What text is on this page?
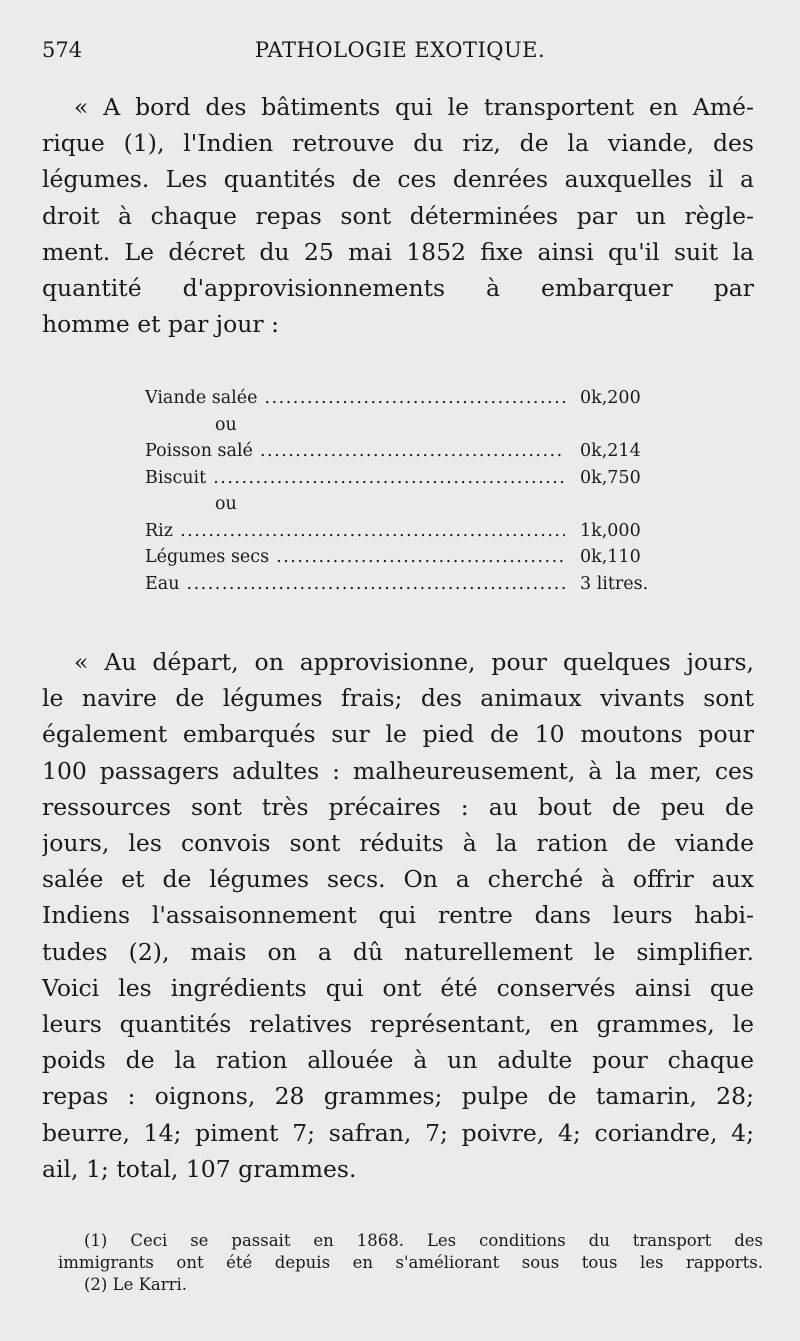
574	PATHOLOGIE EXOTIQUE.
« A bord des bâtiments qui le transportent en Amé-
rique (1), l'Indien retrouve du riz, de la viande, des
légumes. Les quantités de ces denrées auxquelles il a
droit à chaque repas sont déterminées par un règle-
ment. Le décret du 25 mai 1852 fixe ainsi qu'il suit la
quantité d'approvisionnements à embarquer par
homme et par jour :
Viande salée .....	0k,200
ou
Poisson salé .....	0k,214
Biscuit .....	0k,750
ou
Riz .....	1k,000
Légumes secs .....	0k,110
Eau .....	3 litres.
« Au départ, on approvisionne, pour quelques jours,
le navire de légumes frais; des animaux vivants sont
également embarqués sur le pied de 10 moutons pour
100 passagers adultes : malheureusement, à la mer, ces
ressources sont très précaires : au bout de peu de
jours, les convois sont réduits à la ration de viande
salée et de légumes secs. On a cherché à offrir aux
Indiens l'assaisonnement qui rentre dans leurs habi-
tudes (2), mais on a dû naturellement le simplifier.
Voici les ingrédients qui ont été conservés ainsi que
leurs quantités relatives représentant, en grammes, le
poids de la ration allouée à un adulte pour chaque
repas : oignons, 28 grammes; pulpe de tamarin, 28;
beurre, 14; piment 7; safran, 7; poivre, 4; coriandre, 4;
ail, 1; total, 107 grammes.
(1) Ceci se passait en 1868. Les conditions du transport des
immigrants ont été depuis en s'améliorant sous tous les rapports.
(2) Le Karri.
